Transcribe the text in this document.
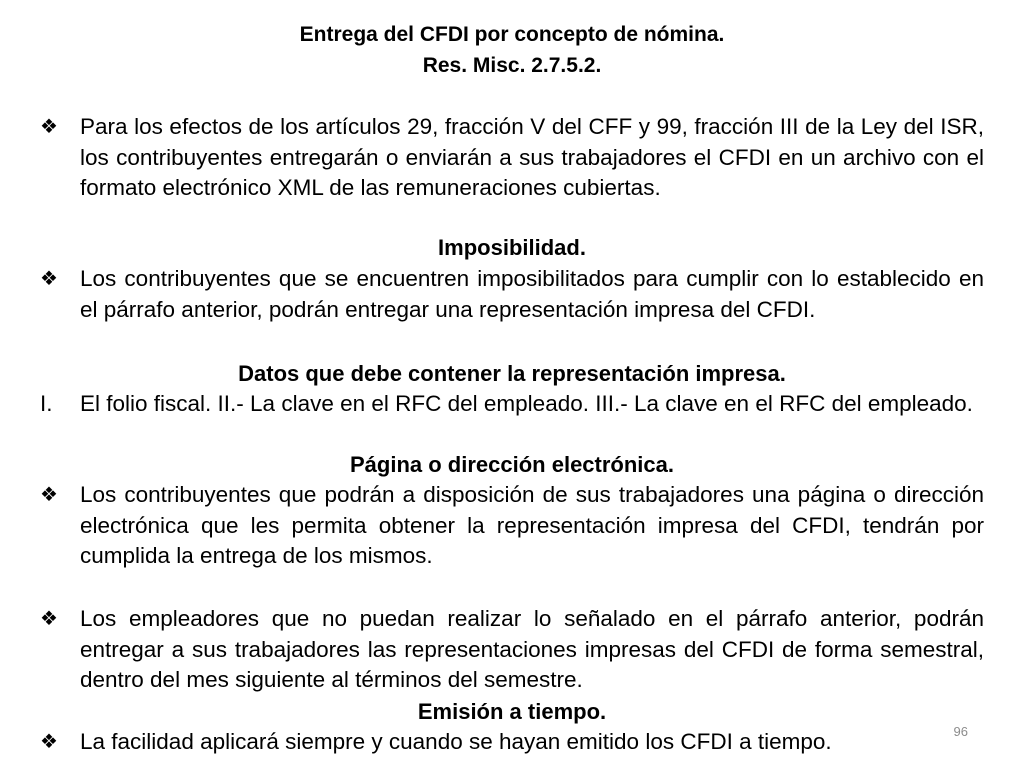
Entrega del CFDI por concepto de nómina.
Res. Misc. 2.7.5.2.
❖ Para los efectos de los artículos 29, fracción V del CFF y 99, fracción III de la Ley del ISR, los contribuyentes entregarán o enviarán a sus trabajadores el CFDI en un archivo con el formato electrónico XML de las remuneraciones cubiertas.
Imposibilidad.
❖ Los contribuyentes que se encuentren imposibilitados para cumplir con lo establecido en el párrafo anterior, podrán entregar una representación impresa del CFDI.
Datos que debe contener la representación impresa.
I.	El folio fiscal. II.- La clave en el RFC del empleado. III.- La clave en el RFC del empleado.
Página o dirección electrónica.
❖ Los contribuyentes que podrán a disposición de sus trabajadores una página o dirección electrónica que les permita obtener la representación impresa del CFDI, tendrán por cumplida la entrega de los mismos.
❖ Los empleadores que no puedan realizar lo señalado en el párrafo anterior, podrán entregar a sus trabajadores las representaciones impresas del CFDI de forma semestral, dentro del mes siguiente al términos del semestre.
Emisión a tiempo.
❖ La facilidad aplicará siempre y cuando se hayan emitido los CFDI a tiempo.	96
